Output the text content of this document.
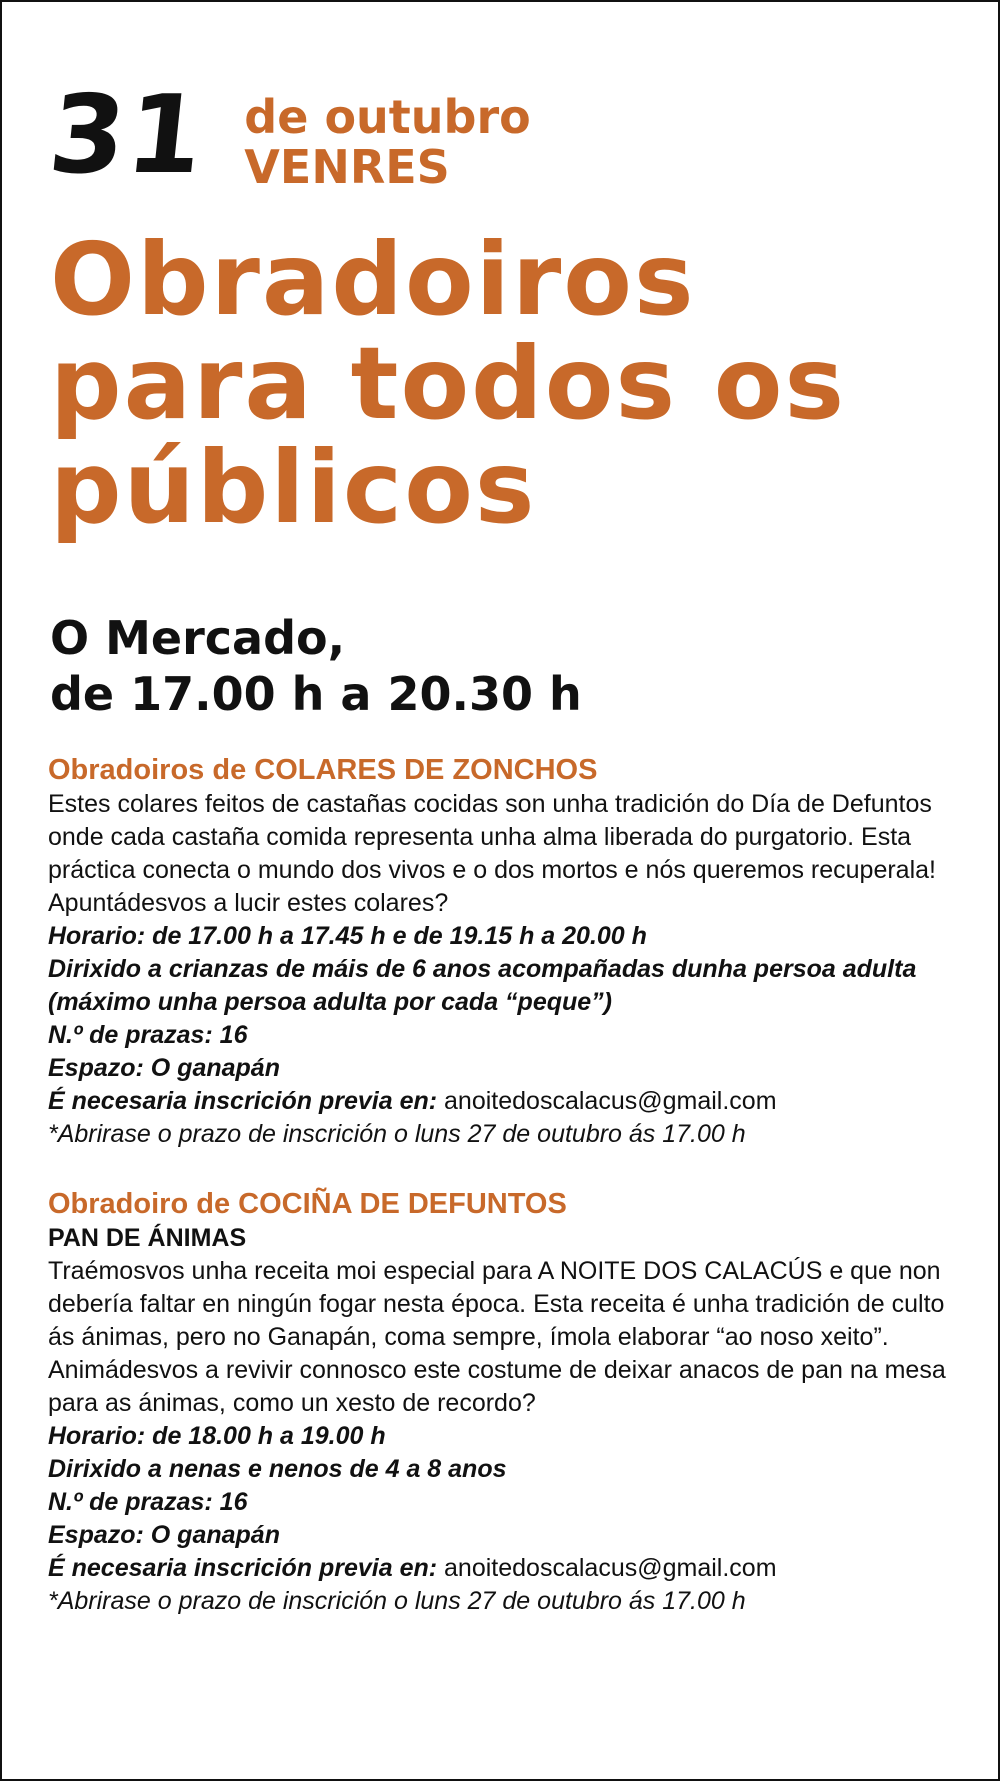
31 de outubro
VENRES
Obradoiros
para todos os
públicos
O Mercado,
de 17.00 h a 20.30 h
Obradoiros de COLARES DE ZONCHOS
Estes colares feitos de castañas cocidas son unha tradición do Día de Defuntos onde cada castaña comida representa unha alma liberada do purgatorio. Esta práctica conecta o mundo dos vivos e o dos mortos e nós queremos recuperala! Apuntádesvos a lucir estes colares?
Horario: de 17.00 h a 17.45 h e de 19.15 h a 20.00 h
Dirixido a crianzas de máis de 6 anos acompañadas dunha persoa adulta (máximo unha persoa adulta por cada “peque”)
N.º de prazas: 16
Espazo: O ganapán
É necesaria inscrición previa en: anoitedoscalacus@gmail.com
*Abrirase o prazo de inscrición o luns 27 de outubro ás 17.00 h
Obradoiro de COCIÑA DE DEFUNTOS
PAN DE ÁNIMAS
Traémosvos unha receita moi especial para A NOITE DOS CALACÚS e que non debería faltar en ningún fogar nesta época. Esta receita é unha tradición de culto ás ánimas, pero no Ganapán, coma sempre, ímola elaborar “ao noso xeito”. Animádesvos a revivir connosco este costume de deixar anacos de pan na mesa para as ánimas, como un xesto de recordo?
Horario: de 18.00 h a 19.00 h
Dirixido a nenas e nenos de 4 a 8 anos
N.º de prazas: 16
Espazo: O ganapán
É necesaria inscrición previa en: anoitedoscalacus@gmail.com
*Abrirase o prazo de inscrición o luns 27 de outubro ás 17.00 h
